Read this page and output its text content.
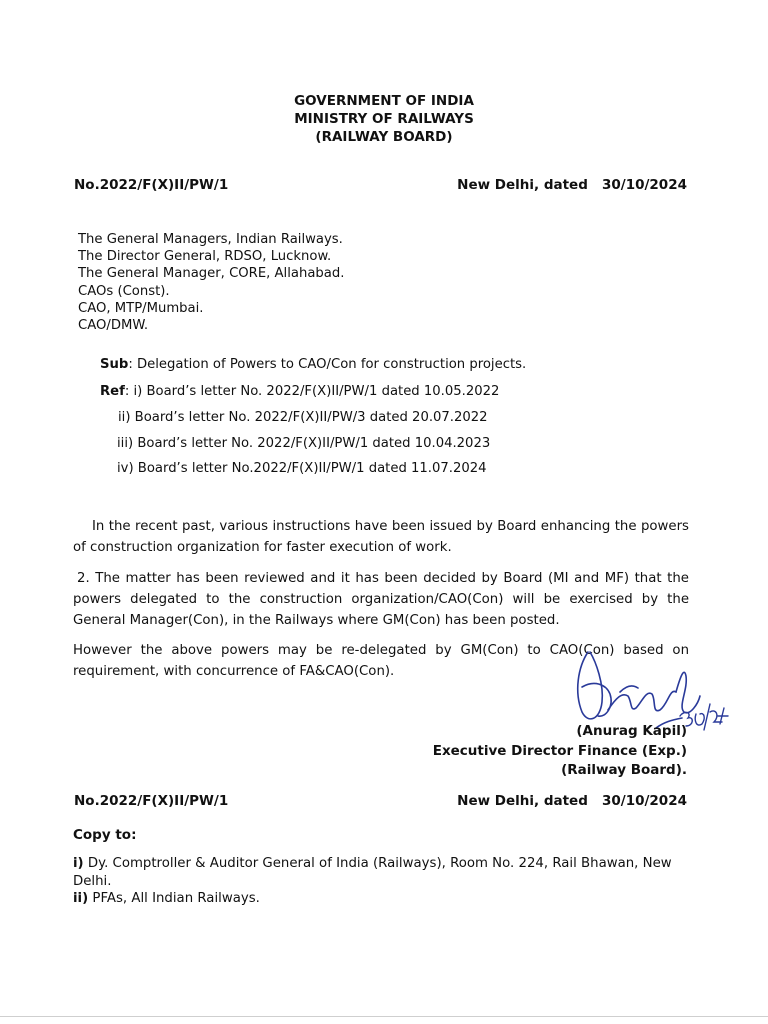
GOVERNMENT OF INDIA
MINISTRY OF RAILWAYS
(RAILWAY BOARD)
No.2022/F(X)II/PW/1	New Delhi, dated 30/10/2024
The General Managers, Indian Railways.
The Director General, RDSO, Lucknow.
The General Manager, CORE, Allahabad.
CAOs (Const).
CAO, MTP/Mumbai.
CAO/DMW.
Sub: Delegation of Powers to CAO/Con for construction projects.
Ref: i) Board’s letter No. 2022/F(X)II/PW/1 dated 10.05.2022
ii) Board’s letter No. 2022/F(X)II/PW/3 dated 20.07.2022
iii) Board’s letter No. 2022/F(X)II/PW/1 dated 10.04.2023
iv) Board’s letter No.2022/F(X)II/PW/1 dated 11.07.2024
In the recent past, various instructions have been issued by Board enhancing the powers
of construction organization for faster execution of work.
2. The matter has been reviewed and it has been decided by Board (MI and MF) that the
powers delegated to the construction organization/CAO(Con) will be exercised by the
General Manager(Con), in the Railways where GM(Con) has been posted.
However the above powers may be re-delegated by GM(Con) to CAO(Con) based on
requirement, with concurrence of FA&CAO(Con).
(Anurag Kapil)
Executive Director Finance (Exp.)
(Railway Board).
No.2022/F(X)II/PW/1	New Delhi, dated 30/10/2024
Copy to:
i) Dy. Comptroller & Auditor General of India (Railways), Room No. 224, Rail Bhawan, New Delhi.
ii) PFAs, All Indian Railways.
